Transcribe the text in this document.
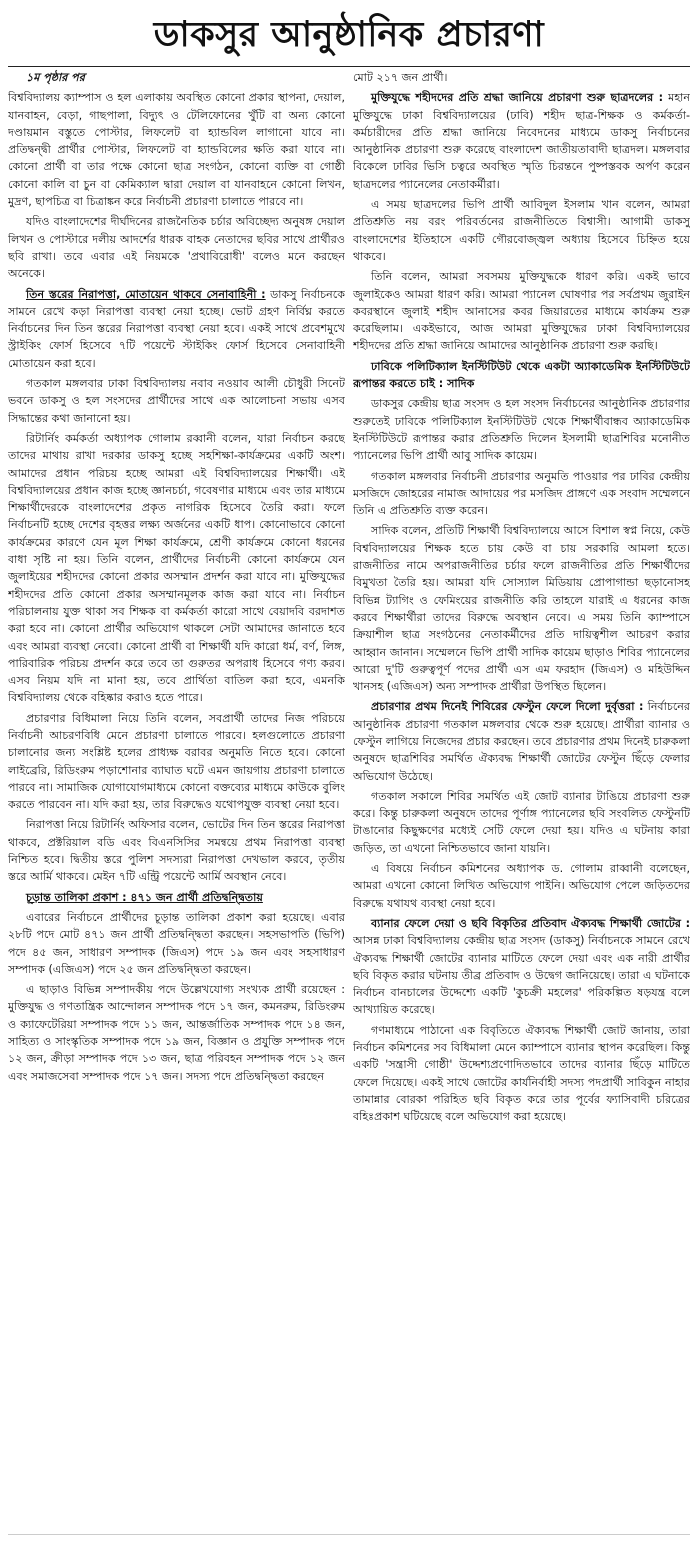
ডাকসুর আনুষ্ঠানিক প্রচারণা

১ম পৃষ্ঠার পর

বিশ্ববিদ্যালয় ক্যাম্পাস ও হল এলাকায় অবস্থিত কোনো প্রকার স্থাপনা, দেয়াল, যানবাহন, বেড়া, গাছপালা, বিদ্যুৎ ও টেলিফোনের খুঁটি বা অন্য কোনো দণ্ডায়মান বস্তুতে পোস্টার, লিফলেট বা হ্যান্ডবিল লাগানো যাবে না। প্রতিদ্বন্দ্বী প্রার্থীর পোস্টার, লিফলেট বা হ্যান্ডবিলের ক্ষতি করা যাবে না। কোনো প্রার্থী বা তার পক্ষে কোনো ছাত্র সংগঠন, কোনো ব্যক্তি বা গোষ্ঠী কোনো কালি বা চুন বা কেমিক্যাল দ্বারা দেয়াল বা যানবাহনে কোনো লিখন, মুদ্রণ, ছাপচিত্র বা চিত্রাঙ্কন করে নির্বাচনী প্রচারণা চালাতে পারবে না।

যদিও বাংলাদেশের দীর্ঘদিনের রাজনৈতিক চর্চার অবিচ্ছেদ্য অনুষঙ্গ দেয়াল লিখন ও পোস্টারে দলীয় আদর্শের ধারক বাহক নেতাদের ছবির সাথে প্রার্থীরও ছবি রাখা। তবে এবার এই নিয়মকে 'প্রথাবিরোধী' বলেও মনে করছেন অনেকে।

তিন স্তরের নিরাপত্তা, মোতায়েন থাকবে সেনাবাহিনী : ডাকসু নির্বাচনকে সামনে রেখে কড়া নিরাপত্তা ব্যবস্থা নেয়া হচ্ছে। ভোট গ্রহণ নির্বিঘ্ন করতে নির্বাচনের দিন তিন স্তরের নিরাপত্তা ব্যবস্থা নেয়া হবে। একই সাথে প্রবেশমুখে স্ট্রাইকিং ফোর্স হিসেবে ৭টি পয়েন্টে স্টাইকিং ফোর্স হিসেবে সেনাবাহিনী মোতায়েন করা হবে।

গতকাল মঙ্গলবার ঢাকা বিশ্ববিদ্যালয় নবাব নওয়াব আলী চৌধুরী সিনেট ভবনে ডাকসু ও হল সংসদের প্রার্থীদের সাথে এক আলোচনা সভায় এসব সিদ্ধান্তের কথা জানানো হয়।

রিটার্নিং কর্মকর্তা অধ্যাপক গোলাম রব্বানী বলেন, যারা নির্বাচন করছে তাদের মাথায় রাখা দরকার ডাকসু হচ্ছে সহশিক্ষা-কার্যক্রমের একটি অংশ। আমাদের প্রধান পরিচয় হচ্ছে আমরা এই বিশ্ববিদ্যালয়ের শিক্ষার্থী। এই বিশ্ববিদ্যালয়ের প্রধান কাজ হচ্ছে জ্ঞানচর্চা, গবেষণার মাধ্যমে এবং তার মাধ্যমে শিক্ষার্থীদেরকে বাংলাদেশের প্রকৃত নাগরিক হিসেবে তৈরি করা। ফলে নির্বাচনটি হচ্ছে দেশের বৃহত্তর লক্ষ্য অর্জনের একটি ধাপ। কোনোভাবে কোনো কার্যক্রমের কারণে যেন মূল শিক্ষা কার্যক্রমে, শ্রেণী কার্যক্রমে কোনো ধরনের বাধা সৃষ্টি না হয়। তিনি বলেন, প্রার্থীদের নির্বাচনী কোনো কার্যক্রমে যেন জুলাইয়ের শহীদদের কোনো প্রকার অসম্মান প্রদর্শন করা যাবে না। মুক্তিযুদ্ধের শহীদদের প্রতি কোনো প্রকার অসম্মানমূলক কাজ করা যাবে না। নির্বাচন পরিচালনায় যুক্ত থাকা সব শিক্ষক বা কর্মকর্তা কারো সাথে বেয়াদবি বরদাশত করা হবে না। কোনো প্রার্থীর অভিযোগ থাকলে সেটা আমাদের জানাতে হবে এবং আমরা ব্যবস্থা নেবো। কোনো প্রার্থী বা শিক্ষার্থী যদি কারো ধর্ম, বর্ণ, লিঙ্গ, পারিবারিক পরিচয় প্রদর্শন করে তবে তা গুরুতর অপরাধ হিসেবে গণ্য করব। এসব নিয়ম যদি না মানা হয়, তবে প্রার্থিতা বাতিল করা হবে, এমনকি বিশ্ববিদ্যালয় থেকে বহিষ্কার করাও হতে পারে।

প্রচারণার বিধিমালা নিয়ে তিনি বলেন, সবপ্রার্থী তাদের নিজ পরিচয়ে নির্বাচনী আচরণবিধি মেনে প্রচারণা চালাতে পারবে। হলগুলোতে প্রচারণা চালানোর জন্য সংশ্লিষ্ট হলের প্রাধ্যক্ষ বরাবর অনুমতি নিতে হবে। কোনো লাইব্রেরি, রিডিংরুম পড়াশোনার ব্যাঘাত ঘটে এমন জায়গায় প্রচারণা চালাতে পারবে না। সামাজিক যোগাযোগমাধ্যমে কোনো বক্তব্যের মাধ্যমে কাউকে বুলিং করতে পারবেন না। যদি করা হয়, তার বিরুদ্ধেও যথোপযুক্ত ব্যবস্থা নেয়া হবে।

নিরাপত্তা নিয়ে রিটার্নিং অফিসার বলেন, ভোটের দিন তিন স্তরের নিরাপত্তা থাকবে, প্রক্টরিয়াল বডি এবং বিএনসিসির সমন্বয়ে প্রথম নিরাপত্তা ব্যবস্থা নিশ্চিত হবে। দ্বিতীয় স্তরে পুলিশ সদস্যরা নিরাপত্তা দেখভাল করবে, তৃতীয় স্তরে আর্মি থাকবে। মেইন ৭টি এন্ট্রি পয়েন্টে আর্মি অবস্থান নেবে।

চূড়ান্ত তালিকা প্রকাশ : ৪৭১ জন প্রার্থী প্রতিদ্বন্দ্বিতায়

এবারের নির্বাচনে প্রার্থীদের চূড়ান্ত তালিকা প্রকাশ করা হয়েছে। এবার ২৮টি পদে মোট ৪৭১ জন প্রার্থী প্রতিদ্বন্দ্বিতা করছেন। সহসভাপতি (ভিপি) পদে ৪৫ জন, সাধারণ সম্পাদক (জিএস) পদে ১৯ জন এবং সহসাধারণ সম্পাদক (এজিএস) পদে ২৫ জন প্রতিদ্বন্দ্বিতা করছেন।

এ ছাড়াও বিভিন্ন সম্পাদকীয় পদে উল্লেখযোগ্য সংখ্যক প্রার্থী রয়েছেন : মুক্তিযুদ্ধ ও গণতান্ত্রিক আন্দোলন সম্পাদক পদে ১৭ জন, কমনরুম, রিডিংরুম ও ক্যাফেটেরিয়া সম্পাদক পদে ১১ জন, আন্তর্জাতিক সম্পাদক পদে ১৪ জন, সাহিত্য ও সাংস্কৃতিক সম্পাদক পদে ১৯ জন, বিজ্ঞান ও প্রযুক্তি সম্পাদক পদে ১২ জন, ক্রীড়া সম্পাদক পদে ১৩ জন, ছাত্র পরিবহন সম্পাদক পদে ১২ জন এবং সমাজসেবা সম্পাদক পদে ১৭ জন। সদস্য পদে প্রতিদ্বন্দ্বিতা করছেন

মোট ২১৭ জন প্রার্থী।

মুক্তিযুদ্ধে শহীদদের প্রতি শ্রদ্ধা জানিয়ে প্রচারণা শুরু ছাত্রদলের : মহান মুক্তিযুদ্ধে ঢাকা বিশ্ববিদ্যালয়ের (ঢাবি) শহীদ ছাত্র-শিক্ষক ও কর্মকর্তা-কর্মচারীদের প্রতি শ্রদ্ধা জানিয়ে নিবেদনের মাধ্যমে ডাকসু নির্বাচনের আনুষ্ঠানিক প্রচারণা শুরু করেছে বাংলাদেশ জাতীয়তাবাদী ছাত্রদল। মঙ্গলবার বিকেলে ঢাবির ভিসি চত্বরে অবস্থিত স্মৃতি চিরন্তনে পুষ্পস্তবক অর্পণ করেন ছাত্রদলের প্যানেলের নেতাকর্মীরা।

এ সময় ছাত্রদলের ভিপি প্রার্থী আবিদুল ইসলাম খান বলেন, আমরা প্রতিশ্রুতি নয় বরং পরিবর্তনের রাজনীতিতে বিশ্বাসী। আগামী ডাকসু বাংলাদেশের ইতিহাসে একটি গৌরবোজ্জ্বল অধ্যায় হিসেবে চিহ্নিত হয়ে থাকবে।

তিনি বলেন, আমরা সবসময় মুক্তিযুদ্ধকে ধারণ করি। একই ভাবে জুলাইকেও আমরা ধারণ করি। আমরা প্যানেল ঘোষণার পর সর্বপ্রথম জুরাইন কবরস্থানে জুলাই শহীদ আনাসের কবর জিয়ারতের মাধ্যমে কার্যক্রম শুরু করেছিলাম। একইভাবে, আজ আমরা মুক্তিযুদ্ধের ঢাকা বিশ্ববিদ্যালয়ের শহীদদের প্রতি শ্রদ্ধা জানিয়ে আমাদের আনুষ্ঠানিক প্রচারণা শুরু করছি।

ঢাবিকে পলিটিক্যাল ইনস্টিটিউট থেকে একটা অ্যাকাডেমিক ইনস্টিটিউটে রূপান্তর করতে চাই : সাদিক

ডাকসুর কেন্দ্রীয় ছাত্র সংসদ ও হল সংসদ নির্বাচনের আনুষ্ঠানিক প্রচারণার শুরুতেই ঢাবিকে পলিটিক্যাল ইনস্টিটিউট থেকে শিক্ষার্থীবান্ধব অ্যাকাডেমিক ইনস্টিটিউটে রূপান্তর করার প্রতিশ্রুতি দিলেন ইসলামী ছাত্রশিবির মনোনীত প্যানেলের ভিপি প্রার্থী আবু সাদিক কায়েম।

গতকাল মঙ্গলবার নির্বাচনী প্রচারণার অনুমতি পাওয়ার পর ঢাবির কেন্দ্রীয় মসজিদে জোহরের নামাজ আদায়ের পর মসজিদ প্রাঙ্গণে এক সংবাদ সম্মেলনে তিনি এ প্রতিশ্রুতি ব্যক্ত করেন।

সাদিক বলেন, প্রতিটি শিক্ষার্থী বিশ্ববিদ্যালয়ে আসে বিশাল স্বপ্ন নিয়ে, কেউ বিশ্ববিদ্যালয়ের শিক্ষক হতে চায় কেউ বা চায় সরকারি আমলা হতে। রাজনীতির নামে অপরাজনীতির চর্চার ফলে রাজনীতির প্রতি শিক্ষার্থীদের বিমুখতা তৈরি হয়। আমরা যদি সোস্যাল মিডিয়ায় প্রোপাগান্ডা ছড়ানোসহ বিভিন্ন ট্যাগিং ও ফেমিংয়ের রাজনীতি করি তাহলে যারাই এ ধরনের কাজ করবে শিক্ষার্থীরা তাদের বিরুদ্ধে অবস্থান নেবে। এ সময় তিনি ক্যাম্পাসে ক্রিয়াশীল ছাত্র সংগঠনের নেতাকর্মীদের প্রতি দায়িত্বশীল আচরণ করার আহ্বান জানান। সম্মেলনে ভিপি প্রার্থী সাদিক কায়েম ছাড়াও শিবির প্যানেলের আরো দু'টি গুরুত্বপূর্ণ পদের প্রার্থী এস এম ফরহাদ (জিএস) ও মহিউদ্দিন খানসহ (এজিএস) অন্য সম্পাদক প্রার্থীরা উপস্থিত ছিলেন।

প্রচারণার প্রথম দিনেই শিবিরের ফেস্টুন ফেলে দিলো দুর্বৃত্তরা : নির্বাচনের আনুষ্ঠানিক প্রচারণা গতকাল মঙ্গলবার থেকে শুরু হয়েছে। প্রার্থীরা ব্যানার ও ফেস্টুন লাগিয়ে নিজেদের প্রচার করছেন। তবে প্রচারণার প্রথম দিনেই চারুকলা অনুষদে ছাত্রশিবির সমর্থিত ঐক্যবদ্ধ শিক্ষার্থী জোটের ফেস্টুন ছিঁড়ে ফেলার অভিযোগ উঠেছে।

গতকাল সকালে শিবির সমর্থিত এই জোট ব্যানার টাঙিয়ে প্রচারণা শুরু করে। কিন্তু চারুকলা অনুষদে তাদের পূর্ণাঙ্গ প্যানেলের ছবি সংবলিত ফেস্টুনটি টাঙানোর কিছুক্ষণের মধ্যেই সেটি ফেলে দেয়া হয়। যদিও এ ঘটনায় কারা জড়িত, তা এখনো নিশ্চিতভাবে জানা যায়নি।

এ বিষয়ে নির্বাচন কমিশনের অধ্যাপক ড. গোলাম রাব্বানী বলেছেন, আমরা এখনো কোনো লিখিত অভিযোগ পাইনি। অভিযোগ পেলে জড়িতদের বিরুদ্ধে যথাযথ ব্যবস্থা নেয়া হবে।

ব্যানার ফেলে দেয়া ও ছবি বিকৃতির প্রতিবাদ ঐক্যবদ্ধ শিক্ষার্থী জোটের : আসন্ন ঢাকা বিশ্ববিদ্যালয় কেন্দ্রীয় ছাত্র সংসদ (ডাকসু) নির্বাচনকে সামনে রেখে ঐক্যবদ্ধ শিক্ষার্থী জোটের ব্যানার মাটিতে ফেলে দেয়া এবং এক নারী প্রার্থীর ছবি বিকৃত করার ঘটনায় তীব্র প্রতিবাদ ও উদ্বেগ জানিয়েছে। তারা এ ঘটনাকে নির্বাচন বানচালের উদ্দেশ্যে একটি 'কুচক্রী মহলের' পরিকল্পিত ষড়যন্ত্র বলে আখ্যায়িত করেছে।

গণমাধ্যমে পাঠানো এক বিবৃতিতে ঐক্যবদ্ধ শিক্ষার্থী জোট জানায়, তারা নির্বাচন কমিশনের সব বিধিমালা মেনে ক্যাম্পাসে ব্যানার স্থাপন করেছিল। কিন্তু একটি 'সন্ত্রাসী গোষ্ঠী' উদ্দেশ্যপ্রণোদিতভাবে তাদের ব্যানার ছিঁড়ে মাটিতে ফেলে দিয়েছে। একই সাথে জোটের কার্যনির্বাহী সদস্য পদপ্রার্থী সাবিকুন নাহার তামান্নার বোরকা পরিহিত ছবি বিকৃত করে তার পূর্বের ফ্যাসিবাদী চরিত্রের বহিঃপ্রকাশ ঘটিয়েছে বলে অভিযোগ করা হয়েছে।
